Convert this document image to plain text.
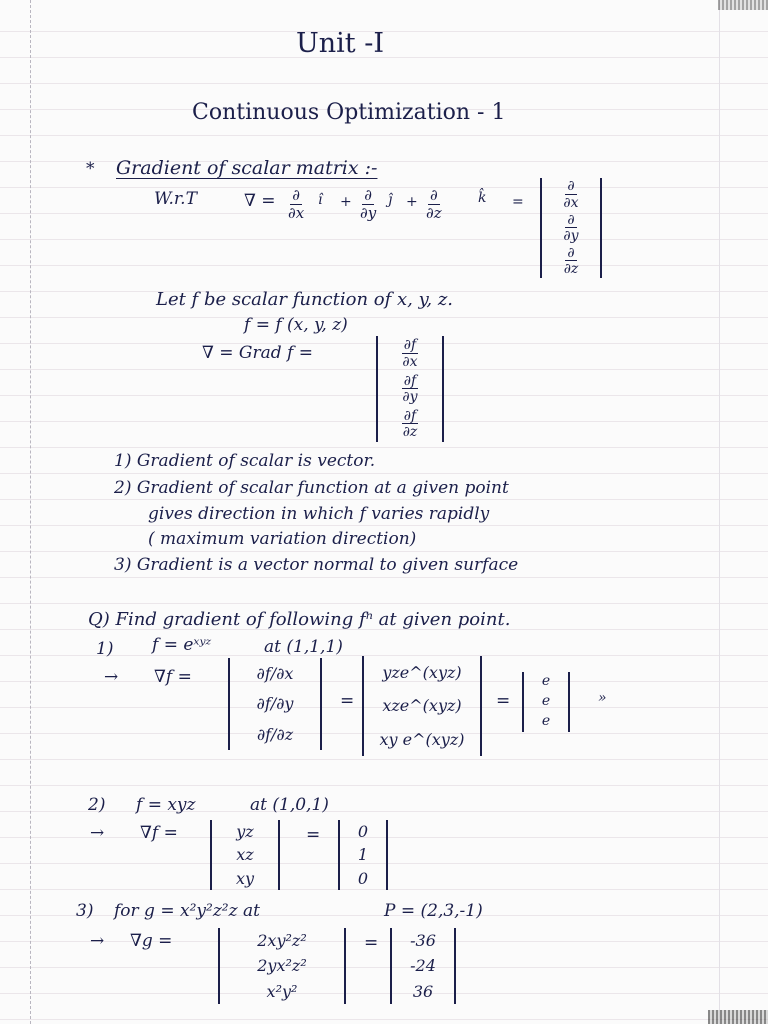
Unit -I
Continuous Optimization - 1
* Gradient of scalar matrix :-
W.r.T	∇ = ∂
∂x
î + ∂
∂y
ĵ + ∂
∂z
k̂ =	$\frac{\partial}{\partial x}$
$\frac{\partial}{\partial y}$
$\frac{\partial}{\partial z}$
Let f be scalar function of x, y, z.
f = f (x, y, z)
∇ = Grad f =	$\frac{\partial f}{\partial x}$
$\frac{\partial f}{\partial y}$
$\frac{\partial f}{\partial z}$
1) Gradient of scalar is vector.
2) Gradient of scalar function at a given point
gives direction in which f varies rapidly
( maximum variation direction)
3) Gradient is a vector normal to given surface
Q) Find gradient of following fⁿ at given point.
1) f = eˣʸᶻ	at (1,1,1)
→ ∇f =	∂f/∂x
∂f/∂y
∂f/∂z
=
yze^(xyz)
xze^(xyz)
xy e^(xyz)
=
e
e
e
»
2) f = xyz	at (1,0,1)
→ ∇f =	yz
xz
xy
= 0
1
0
3) for g = x²y²z²z at	P = (2,3,-1)
→ ∇g =	2xy²z²
2yx²z²
x²y²
= -36
-24
36
